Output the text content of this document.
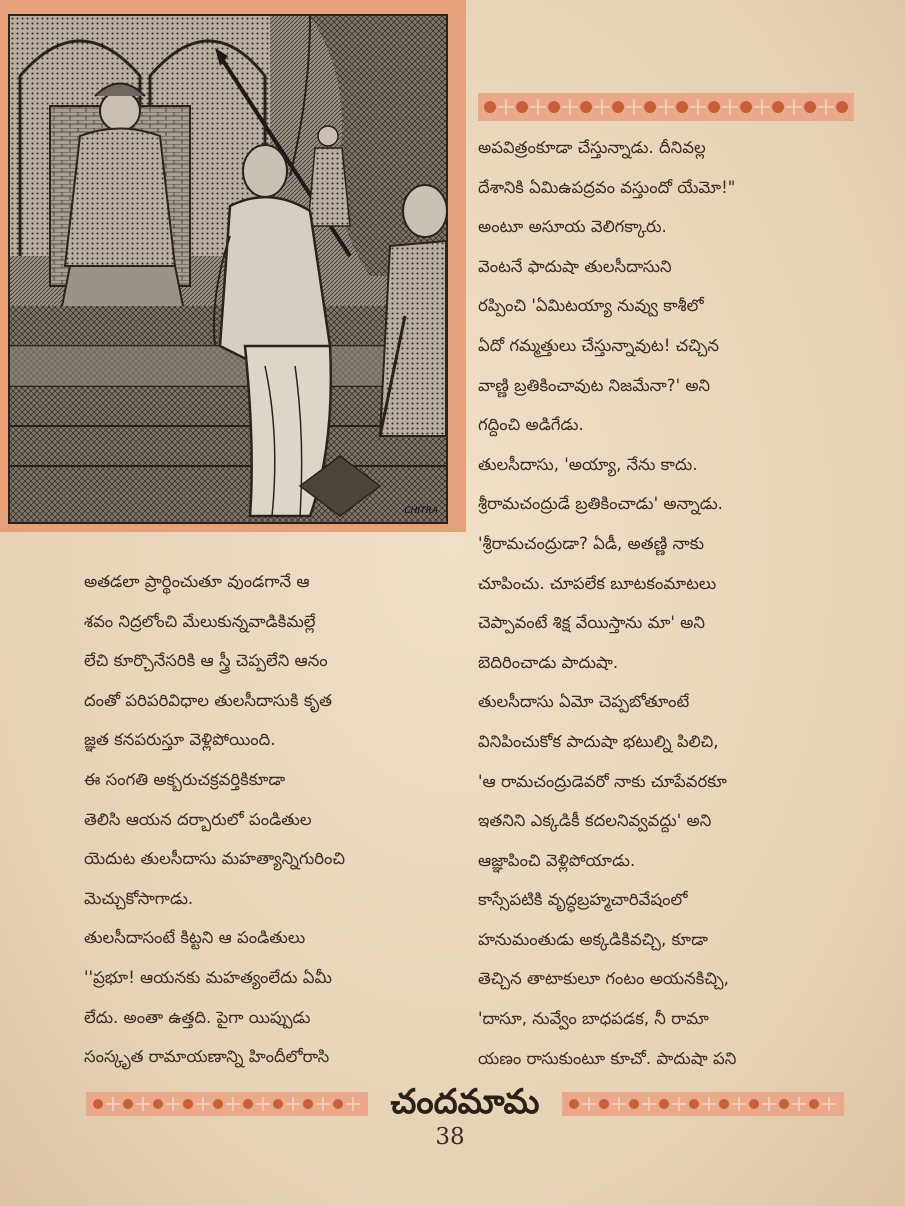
CHITRA
అపవిత్రంకూడా చేస్తున్నాడు. దీనివల్ల
దేశానికి ఏమిఉపద్రవం వస్తుందో యేమో!"
అంటూ అసూయ వెలిగక్కారు.
వెంటనే ఫాదుషా తులసీదాసుని
రప్పించి 'ఏమిటయ్యా నువ్వు కాశీలో
ఏదో గమ్మత్తులు చేస్తున్నావుట! చచ్చిన
వాణ్ణి బ్రతికించావుట నిజమేనా?' అని
గద్దించి అడిగేడు.
తులసీదాసు, 'అయ్యా, నేను కాదు.
శ్రీరామచంద్రుడే బ్రతికించాడు' అన్నాడు.
'శ్రీరామచంద్రుడా? ఏడీ, అతణ్ణి నాకు
చూపించు. చూపలేక బూటకంమాటలు
చెప్పావంటే శిక్ష వేయిస్తాను మా' అని
బెదిరించాడు పాదుషా.
తులసీదాసు ఏమో చెప్పబోతూంటే
వినిపించుకోక పాదుషా భటుల్ని పిలిచి,
'ఆ రామచంద్రుడెవరో నాకు చూపేవరకూ
ఇతనిని ఎక్కడికీ కదలనివ్వవద్దు' అని
ఆజ్ఞాపించి వెళ్లిపోయాడు.
కాస్సేపటికి వృద్ధబ్రహ్మచారివేషంలో
హనుమంతుడు అక్కడికివచ్చి, కూడా
తెచ్చిన తాటాకులూ గంటం అయనకిచ్చి,
'దాసూ, నువ్వేం బాధపడక, నీ రామా
యణం రాసుకుంటూ కూచో. పాదుషా పని
అతడలా ప్రార్థించుతూ వుండగానే ఆ
శవం నిద్రలోంచి మేలుకున్నవాడికిమల్లే
లేచి కూర్చొనేసరికి ఆ స్త్రీ చెప్పలేని ఆనం
దంతో పరిపరివిధాల తులసీదాసుకి కృత
జ్ఞత కనపరుస్తూ వెళ్లిపోయింది.
ఈ సంగతి అక్బరుచక్రవర్తికికూడా
తెలిసి ఆయన దర్బారులో పండితుల
యెదుట తులసీదాసు మహత్యాన్నిగురించి
మెచ్చుకోసాగాడు.
తులసీదాసంటే కిట్టని ఆ పండితులు
''ప్రభూ! ఆయనకు మహత్యంలేదు ఏమీ
లేదు. అంతా ఉత్తది. పైగా యిప్పుడు
సంస్కృత రామాయణాన్ని హిందీలోరాసి
చందమామ
38
